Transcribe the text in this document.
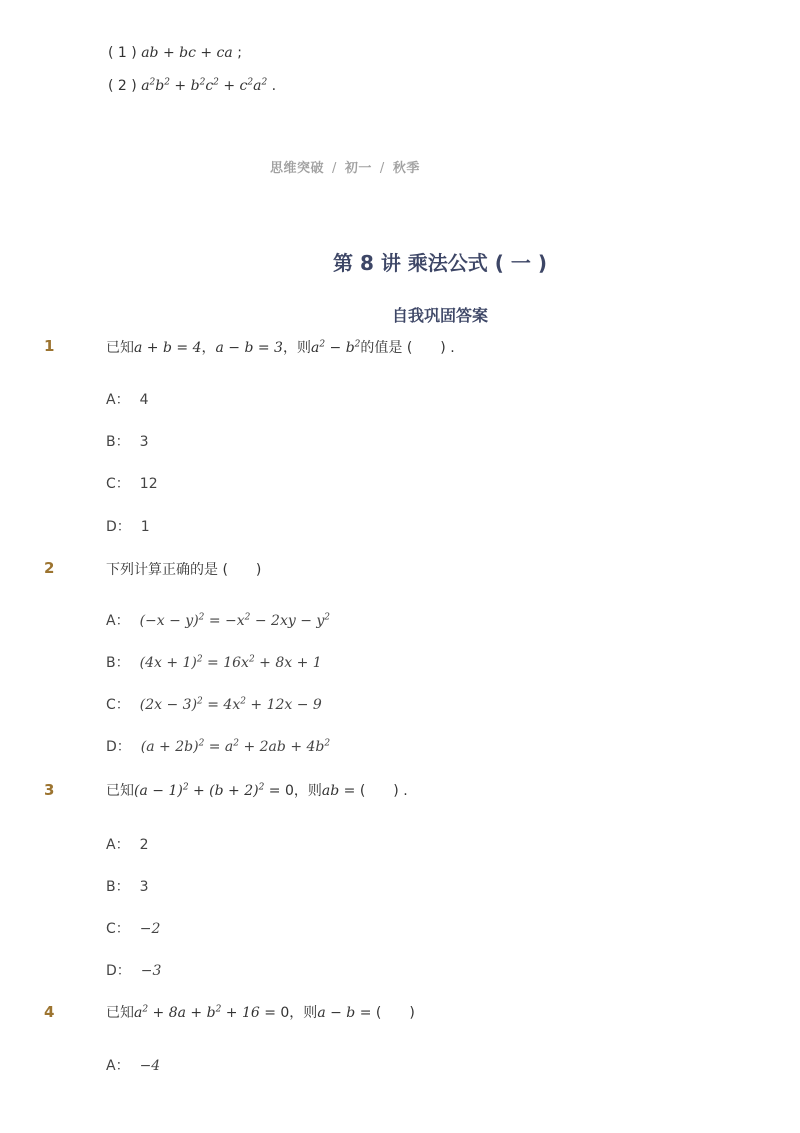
( 1 ) ab + bc + ca ;
( 2 ) $a^2b^2 + b^2c^2 + c^2a^2$ .
思维突破 / 初一 / 秋季
第 8 讲 乘法公式 ( 一 )
自我巩固答案
1	已知a + b = 4，a − b = 3，则$a^2 - b^2$的值是 (　　) .
A： 4
B： 3
C： 12
D： 1
2	下列计算正确的是 (　　)
A： $(-x - y)^2 = -x^2 - 2xy - y^2$
B： $(4x + 1)^2 = 16x^2 + 8x + 1$
C： $(2x - 3)^2 = 4x^2 + 12x - 9$
D： $(a + 2b)^2 = a^2 + 2ab + 4b^2$
3	已知$(a - 1)^2 + (b + 2)^2 = 0$，则ab = (　　) .
A： 2
B： 3
C： −2
D： −3
4	已知$a^2 + 8a + b^2 + 16 = 0$，则a − b = (　　)
A： −4
